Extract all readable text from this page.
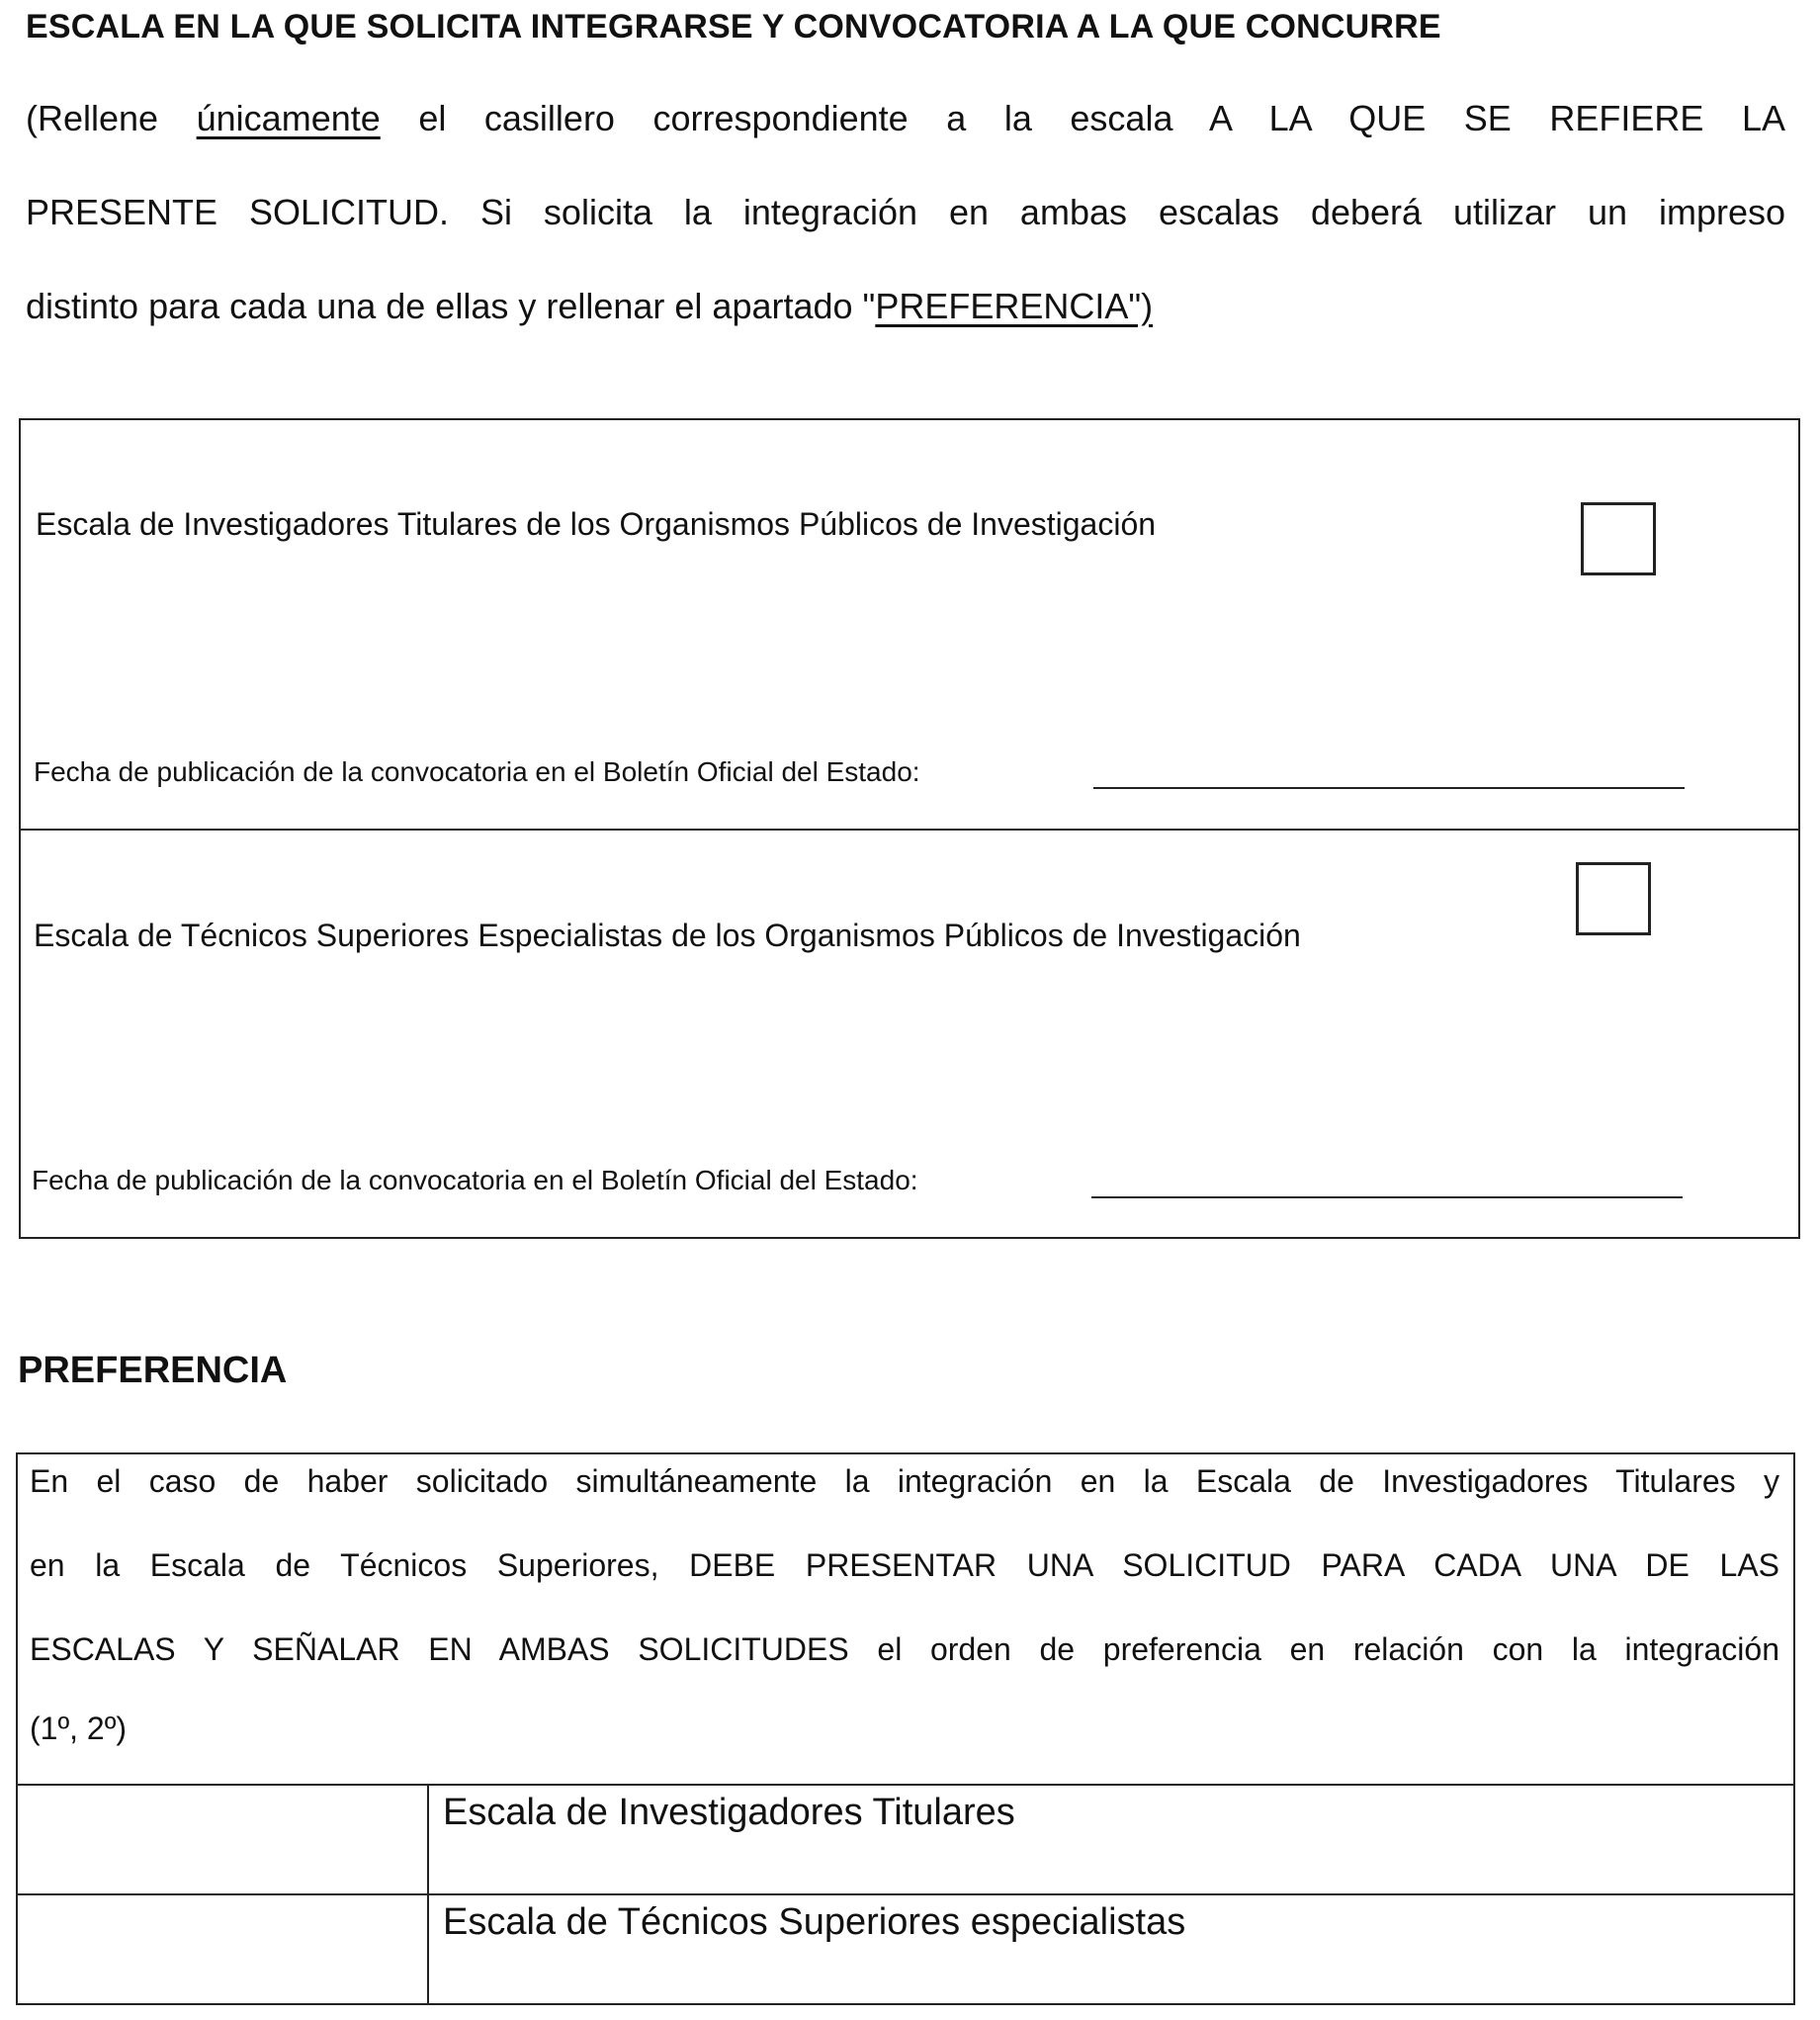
ESCALA EN LA QUE SOLICITA INTEGRARSE Y CONVOCATORIA A LA QUE CONCURRE
(Rellene únicamente el casillero correspondiente a la escala A LA QUE SE REFIERE LA
PRESENTE SOLICITUD. Si solicita la integración en ambas escalas deberá utilizar un impreso
distinto para cada una de ellas y rellenar el apartado "PREFERENCIA")
Escala de Investigadores Titulares de los Organismos Públicos de Investigación
Fecha de publicación de la convocatoria en el Boletín Oficial del Estado:
Escala de Técnicos Superiores Especialistas de los Organismos Públicos de Investigación
Fecha de publicación de la convocatoria en el Boletín Oficial del Estado:
PREFERENCIA
En el caso de haber solicitado simultáneamente la integración en la Escala de Investigadores Titulares y
en la Escala de Técnicos Superiores, DEBE PRESENTAR UNA SOLICITUD PARA CADA UNA DE LAS
ESCALAS Y SEÑALAR EN AMBAS SOLICITUDES el orden de preferencia en relación con la integración
(1º, 2º)
	Escala de Investigadores Titulares
	Escala de Técnicos Superiores especialistas
